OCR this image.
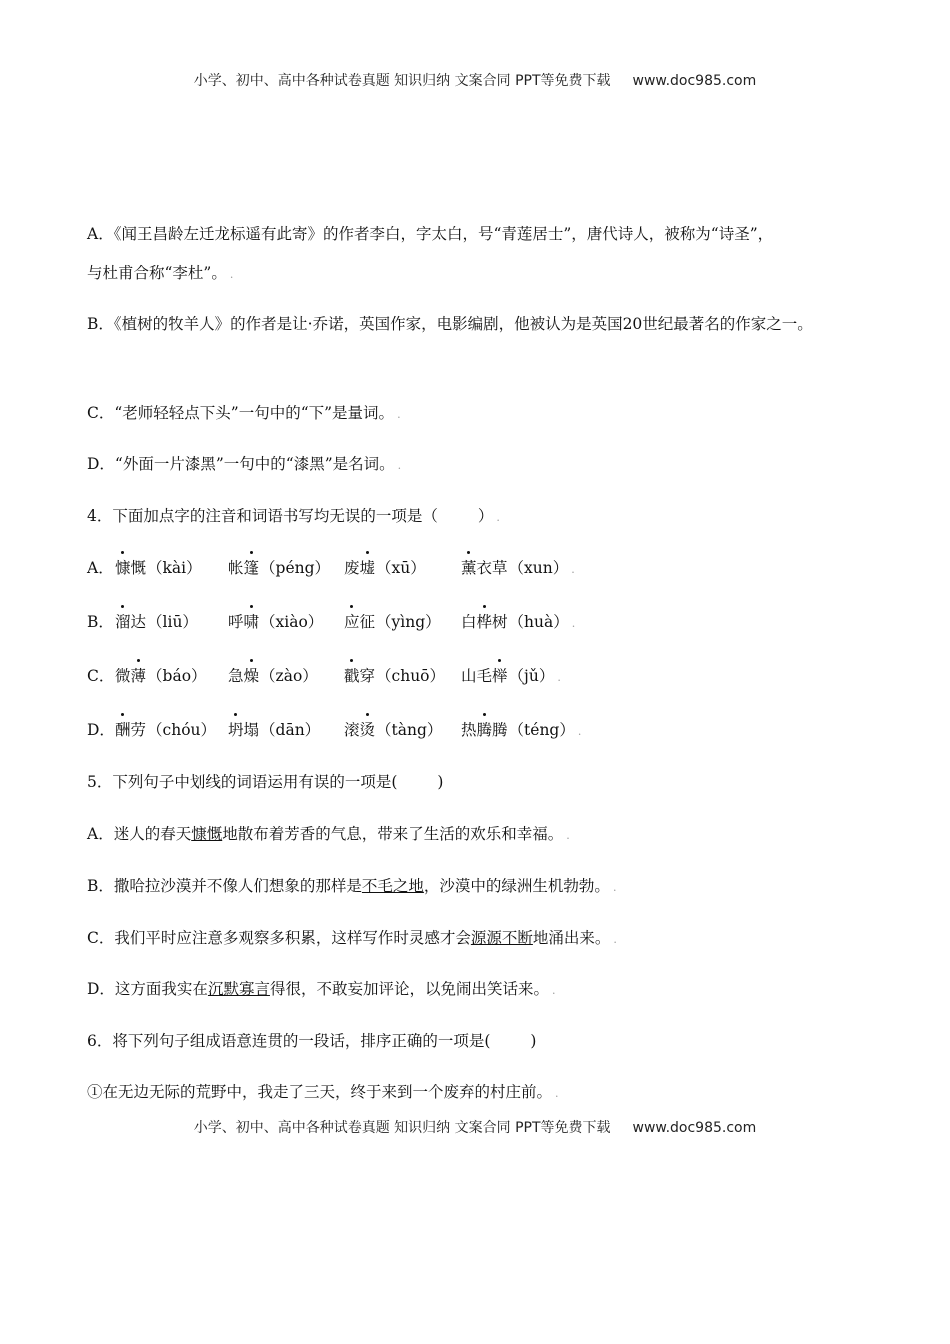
小学、初中、高中各种试卷真题 知识归纳 文案合同 PPT等免费下载 www.doc985.com
A．《闻王昌龄左迁龙标遥有此寄》的作者李白，字太白，号“青莲居士”，唐代诗人，被称为“诗圣”，
与杜甫合称“李杜”。 .
B．《植树的牧羊人》的作者是让·乔诺，英国作家，电影编剧，他被认为是英国20世纪最著名的作家之一。
C．“老师轻轻点下头”一句中的“下”是量词。 .
D．“外面一片漆黑”一句中的“漆黑”是名词。 .
4．下面加点字的注音和词语书写均无误的一项是（	） .
A． 慷慨（kài） 帐篷（péng） 废墟（xū） 薰衣草（xun） .
B． 溜达（liū） 呼啸（xiào） 应征（yìng） 白桦树（huà） .
C． 微薄（báo） 急燥（zào） 戳穿（chuō） 山毛榉（jǔ） .
D． 酬劳（chóu） 坍塌（dān） 滚烫（tàng） 热腾腾（téng） .
5．下列句子中划线的词语运用有误的一项是(	)
A．迷人的春天慷慨地散布着芳香的气息，带来了生活的欢乐和幸福。 .
B．撒哈拉沙漠并不像人们想象的那样是不毛之地，沙漠中的绿洲生机勃勃。 .
C．我们平时应注意多观察多积累，这样写作时灵感才会源源不断地涌出来。 .
D．这方面我实在沉默寡言得很，不敢妄加评论，以免闹出笑话来。 .
6．将下列句子组成语意连贯的一段话，排序正确的一项是(	)
①在无边无际的荒野中，我走了三天，终于来到一个废弃的村庄前。 .
小学、初中、高中各种试卷真题 知识归纳 文案合同 PPT等免费下载 www.doc985.com
